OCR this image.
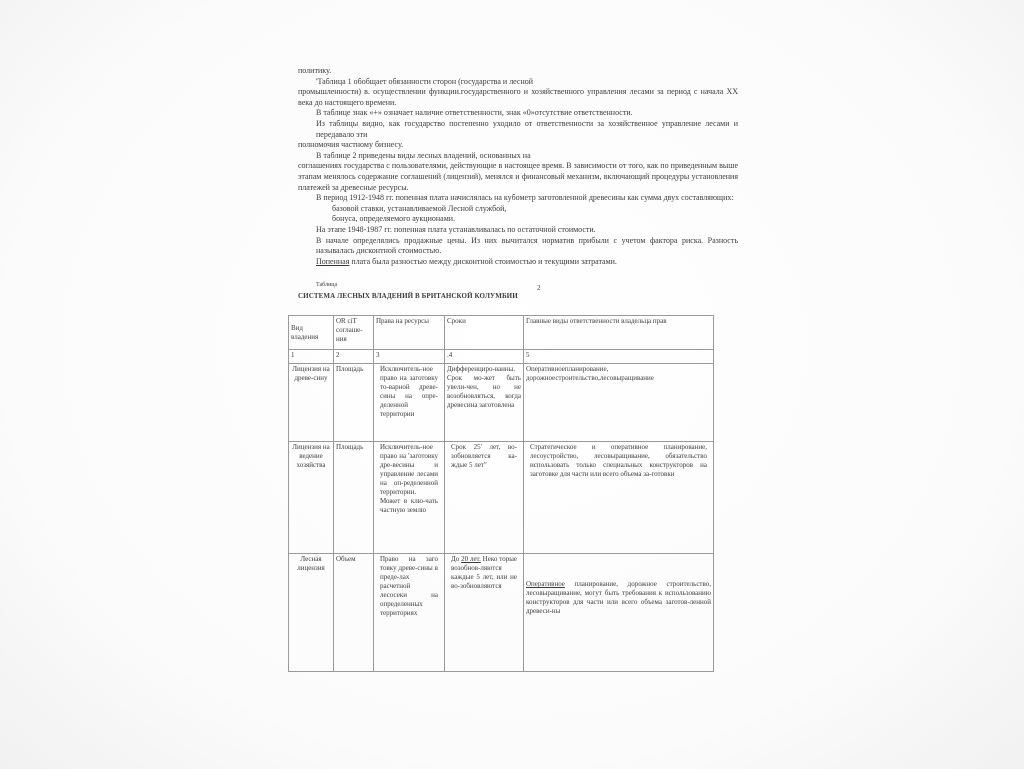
политику.

'Таблица 1 обобщает обязанности сторон (государства и лесной

промышленности) в. осуществлении функции.государственного и хозяйственного управления лесами за период с начала XX века до настоящего времени.

В таблице знак «+» означает наличие ответственности, знак «0»отсутствие ответственности.

Из таблицы видно, как государство постепенно уходило от ответственности за хозяйственное управление лесами и передавало эти

полномочия частному бизнесу.

В таблице 2 приведены виды лесных владений, основанных на

соглашениях государства с пользователями, действующие в настоящее время. В зависимости от того, как по приведенным выше этапам менялось содержание соглашений (лицензий), менялся и финансовый механизм, включающий процедуры установления платежей за древесные ресурсы.

В период 1912-1948 гг. попенная плата начислялась на кубометр заготовленной древесины как сумма двух составляющих:

базовой ставки, устанавливаемой Лесной службой,

бонуса, определяемого аукционами.

На этапе 1948-1987 гг. попенная плата устанавливалась по остаточной стоимости.

В начале определялись продажные цены. Из них вычитался норматив прибыли с учетом фактора риска. Разность называлась дисконтной стоимостью.

Попенная плата была разностью между дисконтной стоимостью и текущими затратами.

Таблица	2
СИСТЕМА ЛЕСНЫХ ВЛАДЕНИЙ В БРИТАНСКОЙ КОЛУМБИИ
Вид владения	OR ciT соглаше-ния	Права на ресурсы	Сроки	Главные виды ответственности владельца прав
1	2	3	.4	5
Лицензия на древе-сину	Площадь	Исключитель-ное право на заготовку то-варной древе-сины на опре-деленной территории	Дифференциро-ванны. Срок мо-жет быть увели-чен, но не возобновляться, когда древесина заготовлена	Оперативноепланирование, дорожноестроительство,лесовыращивание
Лицензия на ведение хозяйства	Площадь	Исключитель-ное право на 'заготовку дре-весины и управление лесами на оп-ределенной территории. Может в клю-чать частную землю	Срок 25' лет, во-зобновляется ка-ждые 5 лет"	Стратегическое и оперативное планирование, лесоустройство, лесовыращивание, обязательство использовать только специальных конструкторов на заготовке для части или всего объема за-готовки
Лесная лицензия	Объем	Право на заго товку древе-сины в преде-лах расчетной лесосеки на определенных территориях	До 20 лет. Неко торые возобнов-ляются каждые 5 лет, или не во-зобновляются	Оперативное планирование, дорожное строительство, лесовыращивание, могут быть требования к использованию конструкторов для части или всего объема заготов-ленной древеси-ны
